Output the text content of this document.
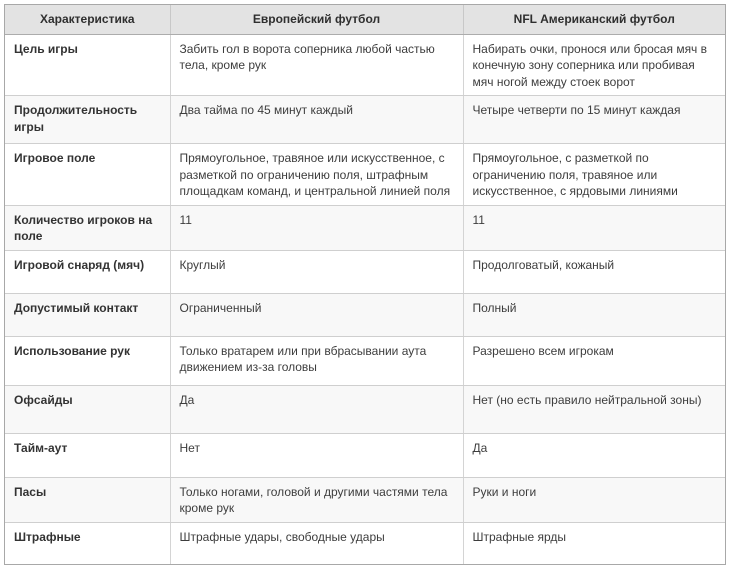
Характеристика	Европейский футбол	NFL Американский футбол
Цель игры	Забить гол в ворота соперника любой частью тела, кроме рук	Набирать очки, пронося или бросая мяч в конечную зону соперника или пробивая мяч ногой между стоек ворот
Продолжительность игры	Два тайма по 45 минут каждый	Четыре четверти по 15 минут каждая
Игровое поле	Прямоугольное, травяное или искусственное, с разметкой по ограничению поля, штрафным площадкам команд, и центральной линией поля	Прямоугольное, с разметкой по ограничению поля, травяное или искусственное, с ярдовыми линиями
Количество игроков на поле	11	11
Игровой снаряд (мяч)	Круглый	Продолговатый, кожаный
Допустимый контакт	Ограниченный	Полный
Использование рук	Только вратарем или при вбрасывании аута движением из-за головы	Разрешено всем игрокам
Офсайды	Да	Нет (но есть правило нейтральной зоны)
Тайм-аут	Нет	Да
Пасы	Только ногами, головой и другими частями тела кроме рук	Руки и ноги
Штрафные	Штрафные удары, свободные удары	Штрафные ярды
